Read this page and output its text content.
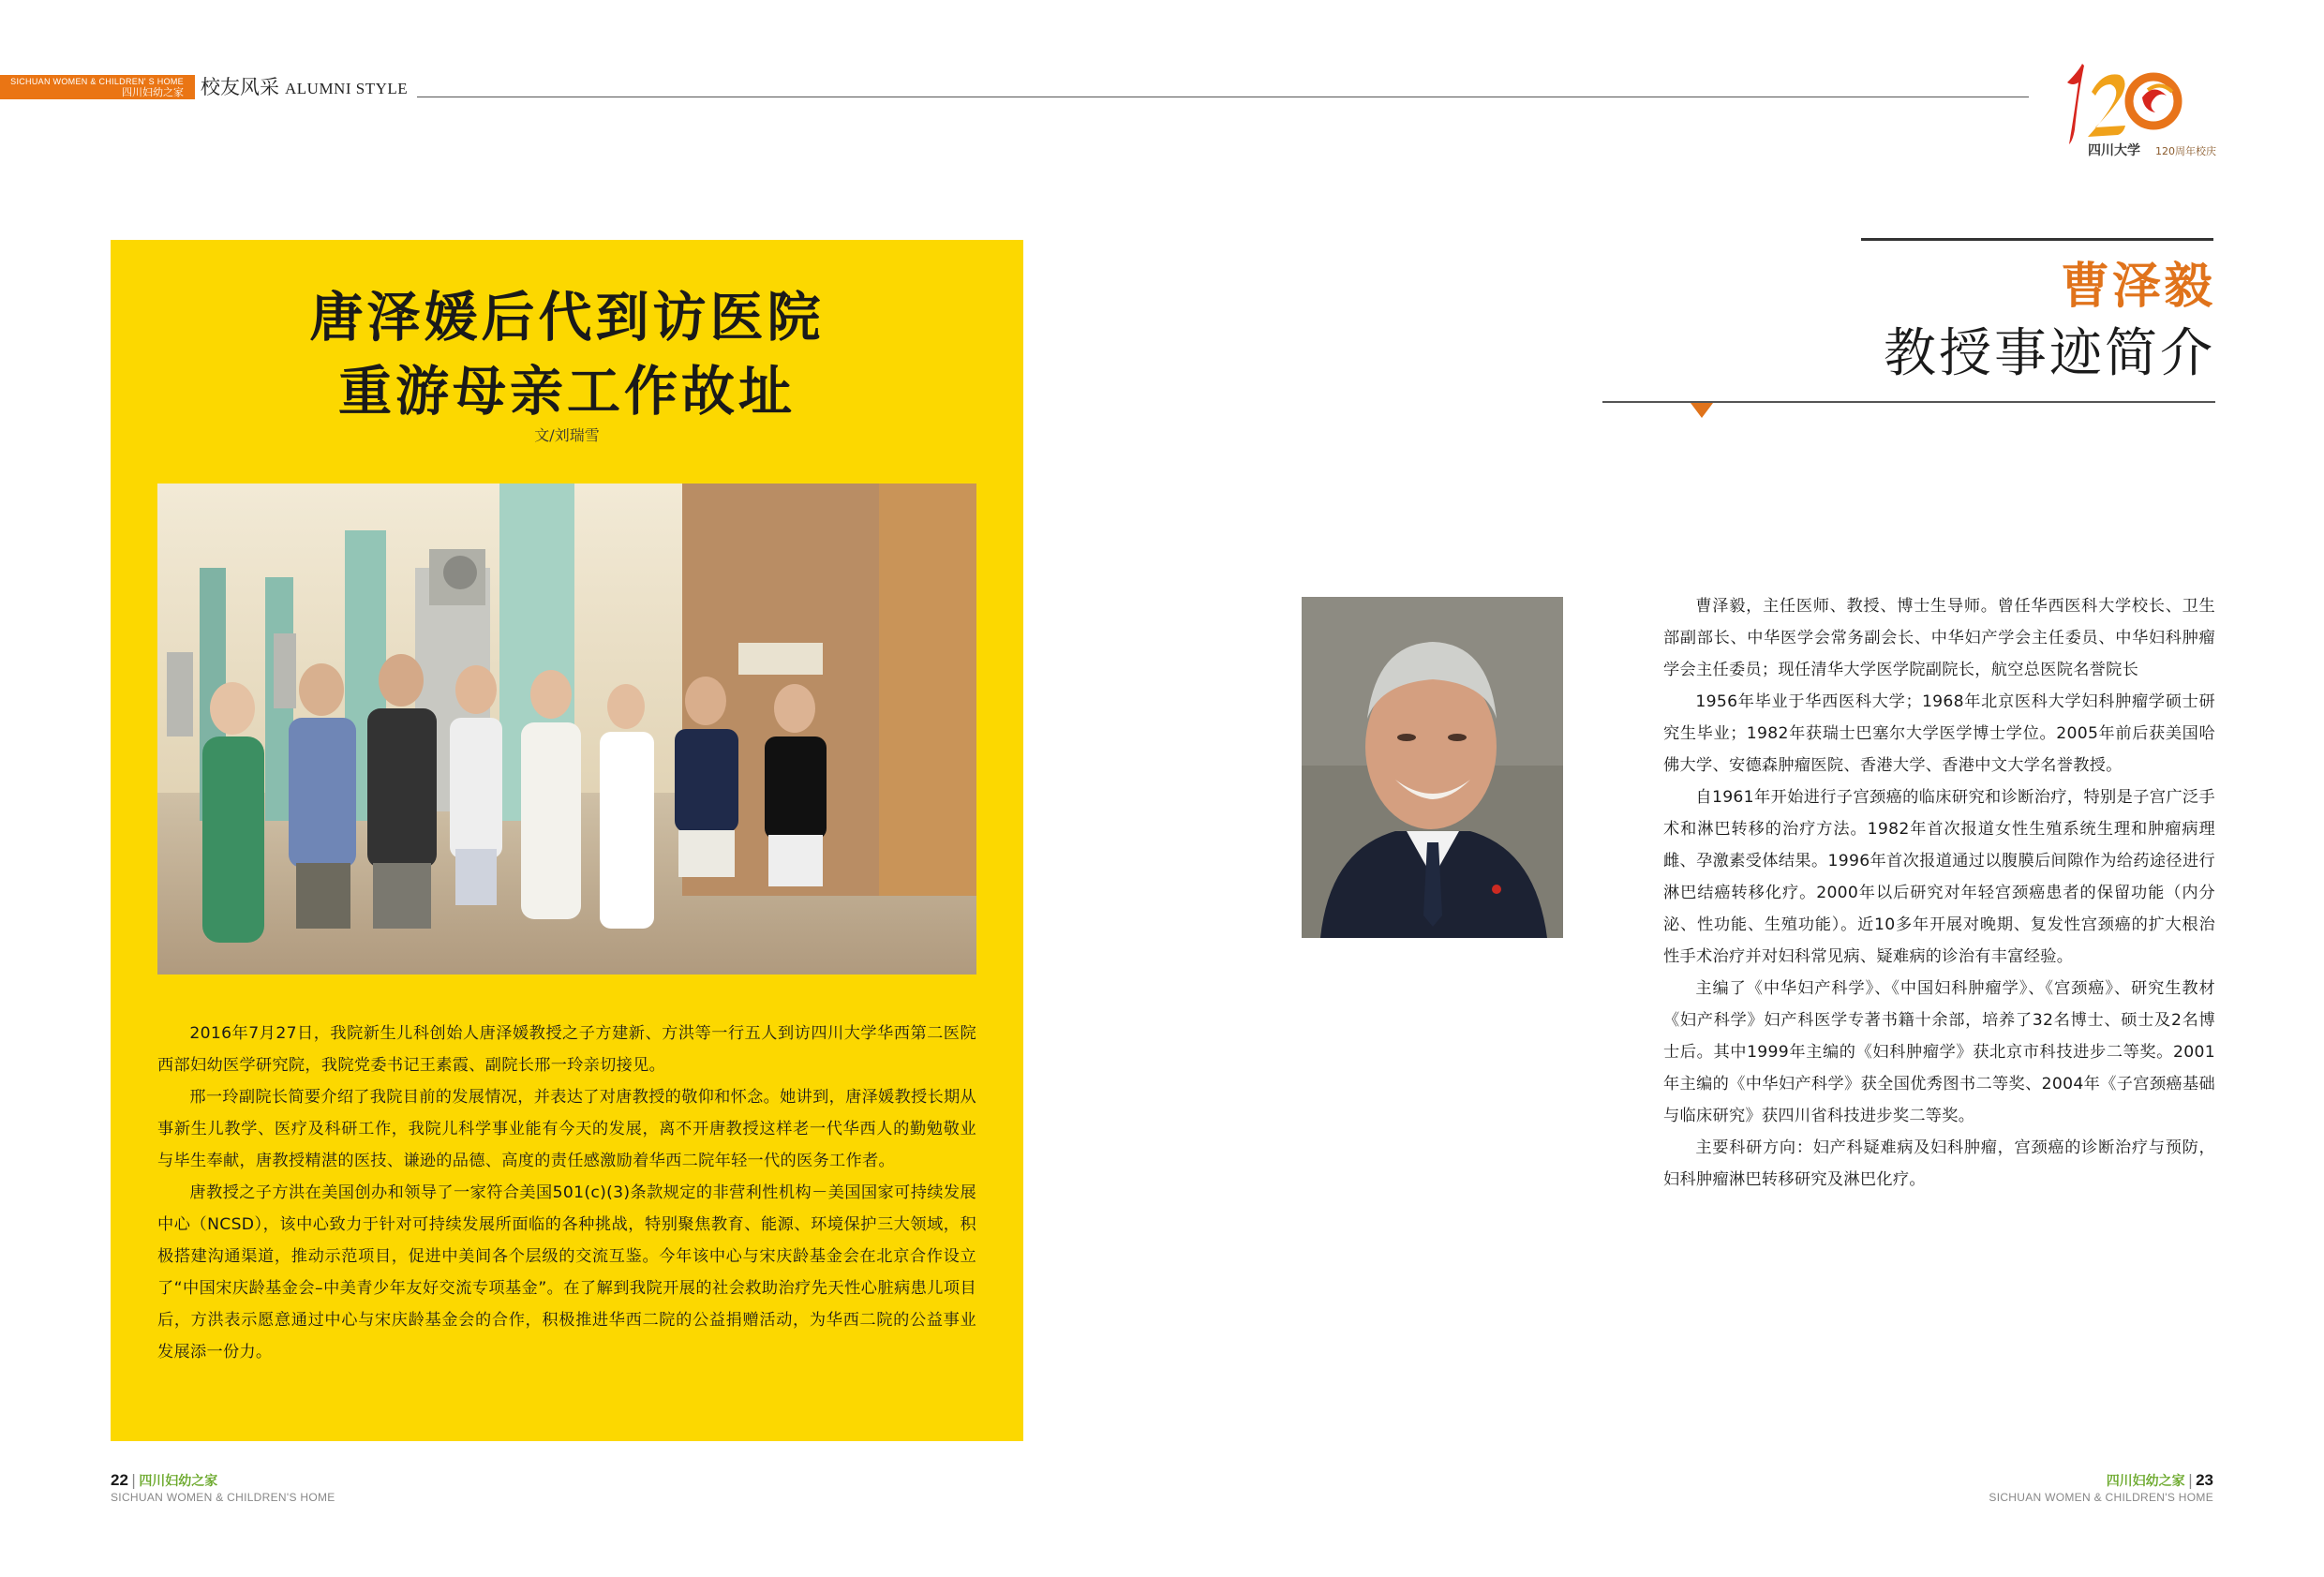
SICHUAN WOMEN & CHILDREN' S HOME
四川妇幼之家 校友风采 ALUMNI STYLE
四川大学	120周年校庆
唐泽媛后代到访医院
重游母亲工作故址
文/刘瑞雪

2016年7月27日，我院新生儿科创始人唐泽媛教授之子方建新、方洪等一行五人到访四川大学华西第二医院西部妇幼医学研究院，我院党委书记王素霞、副院长邢一玲亲切接见。

邢一玲副院长简要介绍了我院目前的发展情况，并表达了对唐教授的敬仰和怀念。她讲到，唐泽媛教授长期从事新生儿教学、医疗及科研工作，我院儿科学事业能有今天的发展，离不开唐教授这样老一代华西人的勤勉敬业与毕生奉献，唐教授精湛的医技、谦逊的品德、高度的责任感激励着华西二院年轻一代的医务工作者。

唐教授之子方洪在美国创办和领导了一家符合美国501(c)(3)条款规定的非营利性机构－美国国家可持续发展中心（NCSD），该中心致力于针对可持续发展所面临的各种挑战，特别聚焦教育、能源、环境保护三大领域，积极搭建沟通渠道，推动示范项目，促进中美间各个层级的交流互鉴。今年该中心与宋庆龄基金会在北京合作设立了“中国宋庆龄基金会–中美青少年友好交流专项基金”。在了解到我院开展的社会救助治疗先天性心脏病患儿项目后，方洪表示愿意通过中心与宋庆龄基金会的合作，积极推进华西二院的公益捐赠活动，为华西二院的公益事业发展添一份力。

曹泽毅
教授事迹简介

曹泽毅，主任医师、教授、博士生导师。曾任华西医科大学校长、卫生部副部长、中华医学会常务副会长、中华妇产学会主任委员、中华妇科肿瘤学会主任委员；现任清华大学医学院副院长，航空总医院名誉院长

1956年毕业于华西医科大学；1968年北京医科大学妇科肿瘤学硕士研究生毕业；1982年获瑞士巴塞尔大学医学博士学位。2005年前后获美国哈佛大学、安德森肿瘤医院、香港大学、香港中文大学名誉教授。

自1961年开始进行子宫颈癌的临床研究和诊断治疗，特别是子宫广泛手术和淋巴转移的治疗方法。1982年首次报道女性生殖系统生理和肿瘤病理雌、孕激素受体结果。1996年首次报道通过以腹膜后间隙作为给药途径进行淋巴结癌转移化疗。2000年以后研究对年轻宫颈癌患者的保留功能（内分泌、性功能、生殖功能）。近10多年开展对晚期、复发性宫颈癌的扩大根治性手术治疗并对妇科常见病、疑难病的诊治有丰富经验。

主编了《中华妇产科学》、《中国妇科肿瘤学》、《宫颈癌》、研究生教材《妇产科学》妇产科医学专著书籍十余部，培养了32名博士、硕士及2名博士后。其中1999年主编的《妇科肿瘤学》获北京市科技进步二等奖。2001年主编的《中华妇产科学》获全国优秀图书二等奖、2004年《子宫颈癌基础与临床研究》获四川省科技进步奖二等奖。

主要科研方向：妇产科疑难病及妇科肿瘤，宫颈癌的诊断治疗与预防，妇科肿瘤淋巴转移研究及淋巴化疗。

22 | 四川妇幼之家
SICHUAN WOMEN & CHILDREN'S HOME
四川妇幼之家 | 23
SICHUAN WOMEN & CHILDREN'S HOME
